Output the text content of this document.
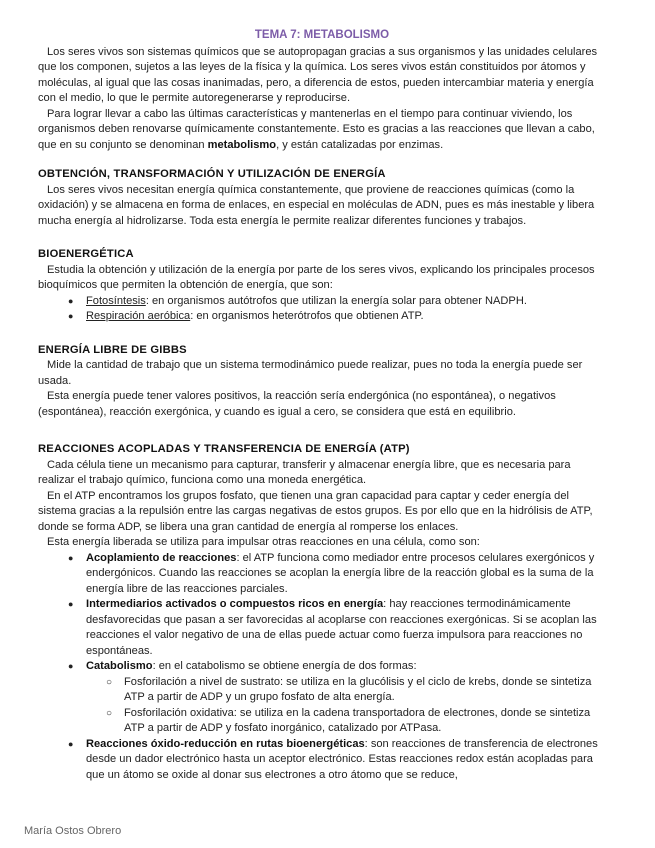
TEMA 7: METABOLISMO

Los seres vivos son sistemas químicos que se autopropagan gracias a sus organismos y las unidades celulares que los componen, sujetos a las leyes de la física y la química. Los seres vivos están constituidos por átomos y moléculas, al igual que las cosas inanimadas, pero, a diferencia de estos, pueden intercambiar materia y energía con el medio, lo que le permite autoregenerarse y reproducirse.

Para lograr llevar a cabo las últimas características y mantenerlas en el tiempo para continuar viviendo, los organismos deben renovarse químicamente constantemente. Esto es gracias a las reacciones que llevan a cabo, que en su conjunto se denominan metabolismo, y están catalizadas por enzimas.

OBTENCIÓN, TRANSFORMACIÓN Y UTILIZACIÓN DE ENERGÍA

Los seres vivos necesitan energía química constantemente, que proviene de reacciones químicas (como la oxidación) y se almacena en forma de enlaces, en especial en moléculas de ADN, pues es más inestable y libera mucha energía al hidrolizarse. Toda esta energía le permite realizar diferentes funciones y trabajos.

BIOENERGÉTICA

Estudia la obtención y utilización de la energía por parte de los seres vivos, explicando los principales procesos bioquímicos que permiten la obtención de energía, que son:

● Fotosíntesis: en organismos autótrofos que utilizan la energía solar para obtener NADPH.
● Respiración aeróbica: en organismos heterótrofos que obtienen ATP.
ENERGÍA LIBRE DE GIBBS

Mide la cantidad de trabajo que un sistema termodinámico puede realizar, pues no toda la energía puede ser usada.

Esta energía puede tener valores positivos, la reacción sería endergónica (no espontánea), o negativos (espontánea), reacción exergónica, y cuando es igual a cero, se considera que está en equilibrio.

REACCIONES ACOPLADAS Y TRANSFERENCIA DE ENERGÍA (ATP)

Cada célula tiene un mecanismo para capturar, transferir y almacenar energía libre, que es necesaria para realizar el trabajo químico, funciona como una moneda energética.

En el ATP encontramos los grupos fosfato, que tienen una gran capacidad para captar y ceder energía del sistema gracias a la repulsión entre las cargas negativas de estos grupos. Es por ello que en la hidrólisis de ATP, donde se forma ADP, se libera una gran cantidad de energía al romperse los enlaces.

Esta energía liberada se utiliza para impulsar otras reacciones en una célula, como son:

● Acoplamiento de reacciones: el ATP funciona como mediador entre procesos celulares exergónicos y endergónicos. Cuando las reacciones se acoplan la energía libre de la reacción global es la suma de la energía libre de las reacciones parciales.
● Intermediarios activados o compuestos ricos en energía: hay reacciones termodinámicamente desfavorecidas que pasan a ser favorecidas al acoplarse con reacciones exergónicas. Si se acoplan las reacciones el valor negativo de una de ellas puede actuar como fuerza impulsora para reacciones no espontáneas.
● Catabolismo: en el catabolismo se obtiene energía de dos formas:
○ Fosforilación a nivel de sustrato: se utiliza en la glucólisis y el ciclo de krebs, donde se sintetiza ATP a partir de ADP y un grupo fosfato de alta energía.
○ Fosforilación oxidativa: se utiliza en la cadena transportadora de electrones, donde se sintetiza ATP a partir de ADP y fosfato inorgánico, catalizado por ATPasa.
● Reacciones óxido-reducción en rutas bioenergéticas: son reacciones de transferencia de electrones desde un dador electrónico hasta un aceptor electrónico. Estas reacciones redox están acopladas para que un átomo se oxide al donar sus electrones a otro átomo que se reduce,
María Ostos Obrero
